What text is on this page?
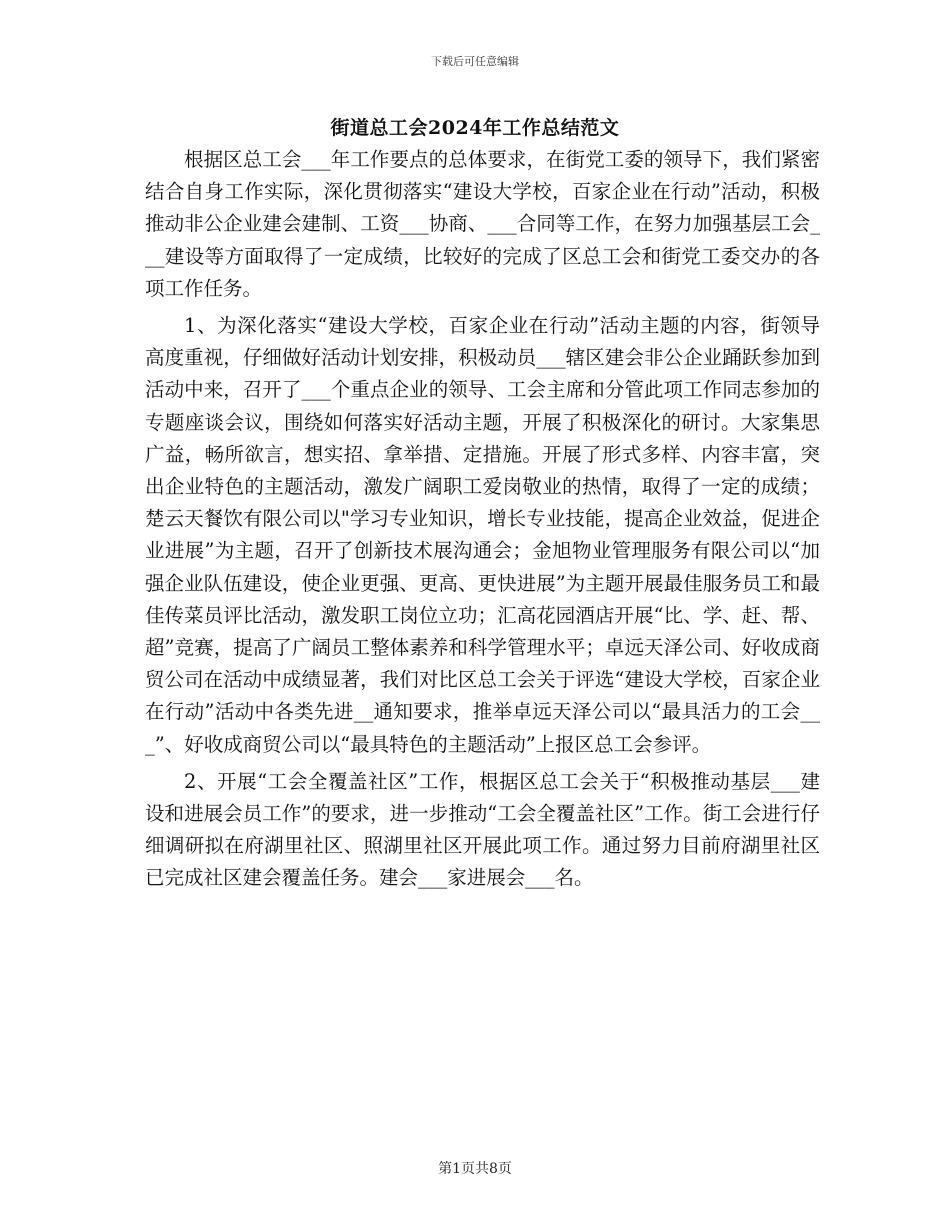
下载后可任意编辑
街道总工会2024年工作总结范文

根据区总工会___年工作要点的总体要求，在街党工委的领导下，我们紧密结合自身工作实际，深化贯彻落实“建设大学校，百家企业在行动”活动，积极推动非公企业建会建制、工资___协商、___合同等工作，在努力加强基层工会___建设等方面取得了一定成绩，比较好的完成了区总工会和街党工委交办的各项工作任务。

1、为深化落实“建设大学校，百家企业在行动”活动主题的内容，街领导高度重视，仔细做好活动计划安排，积极动员___辖区建会非公企业踊跃参加到活动中来，召开了___个重点企业的领导、工会主席和分管此项工作同志参加的专题座谈会议，围绕如何落实好活动主题，开展了积极深化的研讨。大家集思广益，畅所欲言，想实招、拿举措、定措施。开展了形式多样、内容丰富，突出企业特色的主题活动，激发广阔职工爱岗敬业的热情，取得了一定的成绩；楚云天餐饮有限公司以"学习专业知识，增长专业技能，提高企业效益，促进企业进展”为主题，召开了创新技术展沟通会；金旭物业管理服务有限公司以“加强企业队伍建设，使企业更强、更高、更快进展”为主题开展最佳服务员工和最佳传菜员评比活动，激发职工岗位立功；汇高花园酒店开展“比、学、赶、帮、超”竞赛，提高了广阔员工整体素养和科学管理水平；卓远天泽公司、好收成商贸公司在活动中成绩显著，我们对比区总工会关于评选“建设大学校，百家企业在行动”活动中各类先进__通知要求，推举卓远天泽公司以“最具活力的工会___”、好收成商贸公司以“最具特色的主题活动”上报区总工会参评。

2、开展“工会全覆盖社区”工作，根据区总工会关于“积极推动基层___建设和进展会员工作”的要求，进一步推动“工会全覆盖社区”工作。街工会进行仔细调研拟在府湖里社区、照湖里社区开展此项工作。通过努力目前府湖里社区已完成社区建会覆盖任务。建会___家进展会___名。

第1页共8页
